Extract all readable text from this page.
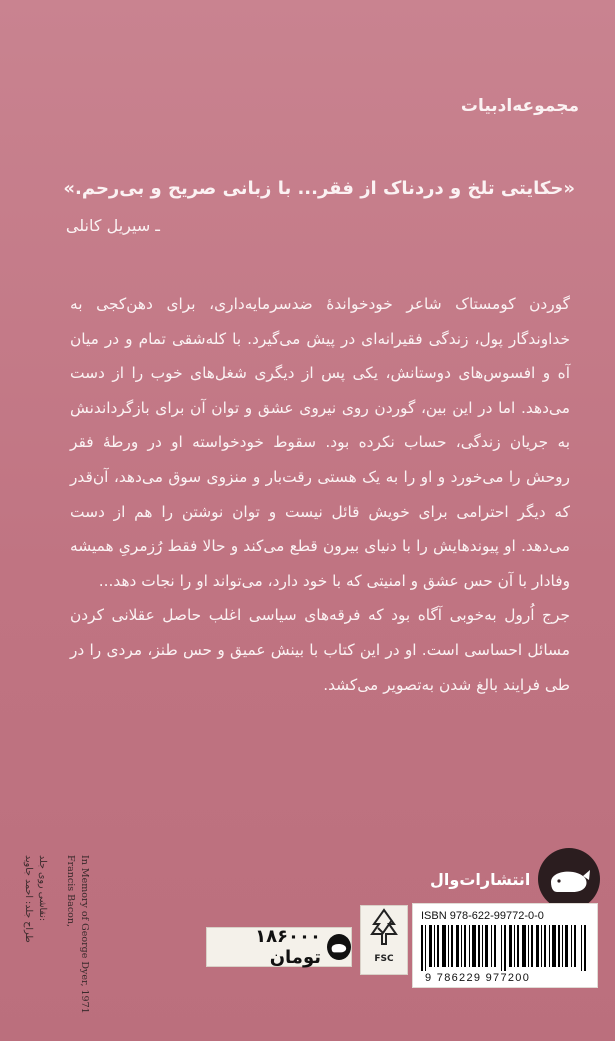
مجموعه‌ادبیات
«حکایتی تلخ و دردناک از فقر... با زبانی صریح و بی‌رحم.»
ـ سیریل کانلی

گوردن کومستاک شاعر خودخواندهٔ ضدسرمایه‌داری، برای دهن‌کجی به خداوندگار پول، زندگی فقیرانه‌ای در پیش می‌گیرد. با کله‌شقی تمام و در میان آه و افسوس‌های دوستانش، یکی پس از دیگری شغل‌های خوب را از دست می‌دهد. اما در این بین، گوردن روی نیروی عشق و توان آن برای بازگرداندنش به جریان زندگی، حساب نکرده بود. سقوط خودخواسته او در ورطهٔ فقر روحش را می‌خورد و او را به یک هستی رقت‌بار و منزوی سوق می‌دهد، آن‌قدر که دیگر احترامی برای خویش قائل نیست و توان نوشتن را هم از دست می‌دهد. او پیوندهایش را با دنیای بیرون قطع می‌کند و حالا فقط رُزمریِ همیشه وفادار با آن حس عشق و امنیتی که با خود دارد، می‌تواند او را نجات دهد...

جرج اُرول به‌خوبی آگاه بود که فرقه‌های سیاسی اغلب حاصل عقلانی کردن مسائل احساسی است. او در این کتاب با بینش عمیق و حس طنز، مردی را در طی فرایند بالغ شدن به‌تصویر می‌کشد.

انتشارات‌وال
طراح جلد: احمد جاوید نقاشی روی جلد: Francis Bacon, In Memory of George Dyer, 1971	۱۸۶۰۰۰ تومان	FSC
ISBN 978-622-99772-0-0
9 786229 977200
